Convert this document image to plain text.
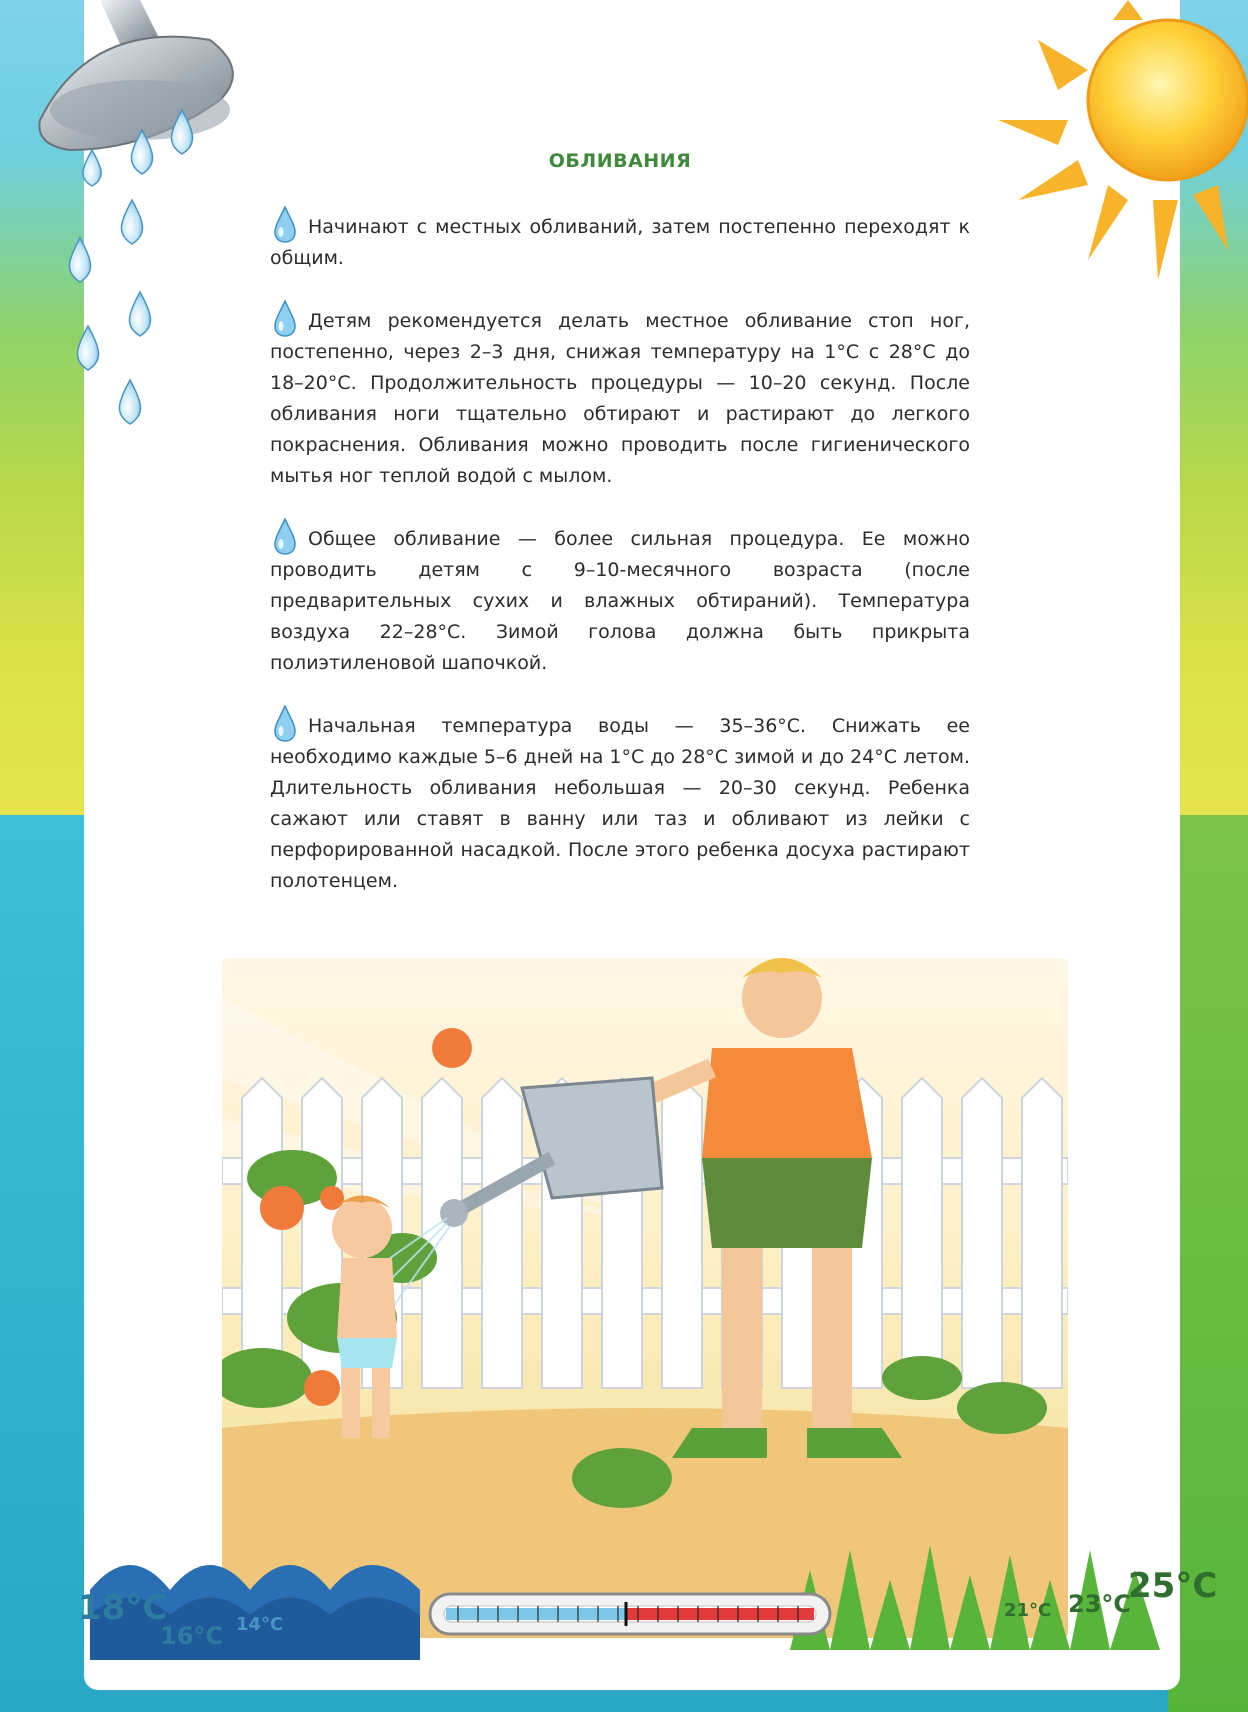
ОБЛИВАНИЯ
Начинают с местных обливаний, затем постепенно переходят к общим.
Детям рекомендуется делать местное обливание стоп ног, постепенно, через 2–3 дня, снижая температуру на 1°С с 28°С до 18–20°С. Продолжительность процедуры — 10–20 секунд. После обливания ноги тщательно обтирают и растирают до легкого покраснения. Обливания можно проводить после гигиенического мытья ног теплой водой с мылом.
Общее обливание — более сильная процедура. Ее можно проводить детям с 9–10-месячного возраста (после предварительных сухих и влажных обтираний). Температура воздуха 22–28°С. Зимой голова должна быть прикрыта полиэтиленовой шапочкой.
Начальная температура воды — 35–36°С. Снижать ее необходимо каждые 5–6 дней на 1°С до 28°С зимой и до 24°С летом. Длительность обливания небольшая — 20–30 секунд. Ребенка сажают или ставят в ванну или таз и обливают из лейки с перфорированной насадкой. После этого ребенка досуха растирают полотенцем.
18°C
16°C 14°C
21°C 23°C
25°C
